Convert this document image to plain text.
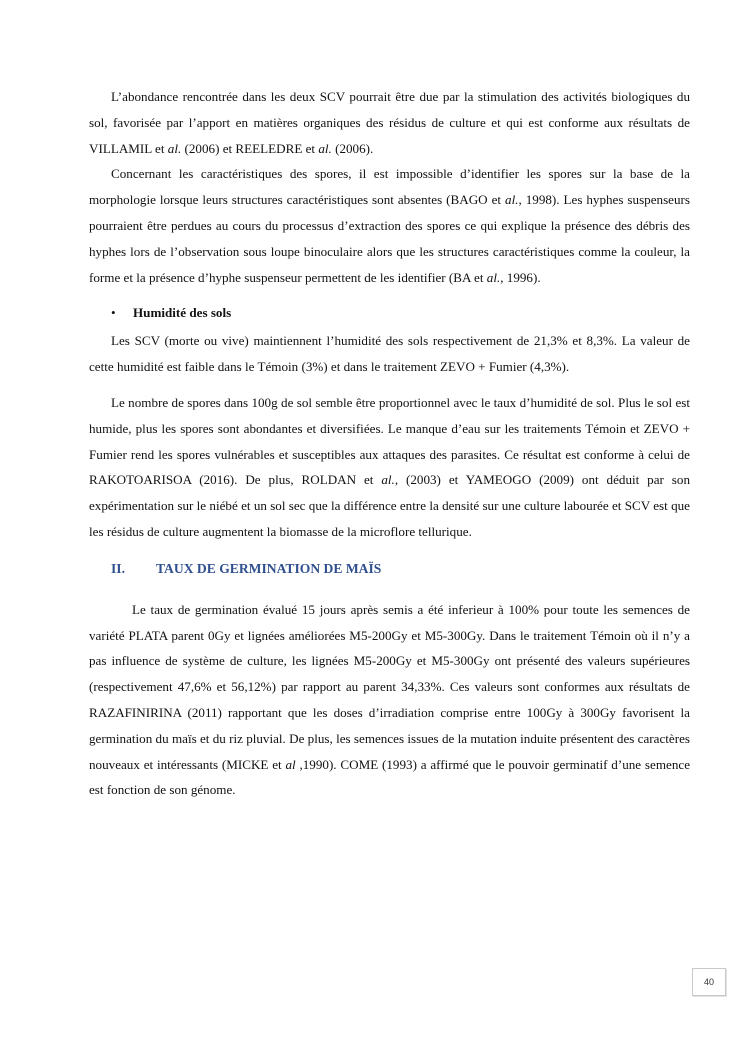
L’abondance rencontrée dans les deux SCV pourrait être due par la stimulation des activités biologiques du sol, favorisée par l’apport en matières organiques des résidus de culture et qui est conforme aux résultats de VILLAMIL et al. (2006) et REELEDRE et al. (2006).

Concernant les caractéristiques des spores, il est impossible d’identifier les spores sur la base de la morphologie lorsque leurs structures caractéristiques sont absentes (BAGO et al., 1998). Les hyphes suspenseurs pourraient être perdues au cours du processus d’extraction des spores ce qui explique la présence des débris des hyphes lors de l’observation sous loupe binoculaire alors que les structures caractéristiques comme la couleur, la forme et la présence d’hyphe suspenseur permettent de les identifier (BA et al., 1996).

• Humidité des sols

Les SCV (morte ou vive) maintiennent l’humidité des sols respectivement de 21,3% et 8,3%. La valeur de cette humidité est faible dans le Témoin (3%) et dans le traitement ZEVO + Fumier (4,3%).

Le nombre de spores dans 100g de sol semble être proportionnel avec le taux d’humidité de sol. Plus le sol est humide, plus les spores sont abondantes et diversifiées. Le manque d’eau sur les traitements Témoin et ZEVO + Fumier rend les spores vulnérables et susceptibles aux attaques des parasites. Ce résultat est conforme à celui de RAKOTOARISOA (2016). De plus, ROLDAN et al., (2003) et YAMEOGO (2009) ont déduit par son expérimentation sur le niébé et un sol sec que la différence entre la densité sur une culture labourée et SCV est que les résidus de culture augmentent la biomasse de la microflore tellurique.

II. TAUX DE GERMINATION DE MAÏS

Le taux de germination évalué 15 jours après semis a été inferieur à 100% pour toute les semences de variété PLATA parent 0Gy et lignées améliorées M5-200Gy et M5-300Gy. Dans le traitement Témoin où il n’y a pas influence de système de culture, les lignées M5-200Gy et M5-300Gy ont présenté des valeurs supérieures (respectivement 47,6% et 56,12%) par rapport au parent 34,33%. Ces valeurs sont conformes aux résultats de RAZAFINIRINA (2011) rapportant que les doses d’irradiation comprise entre 100Gy à 300Gy favorisent la germination du maïs et du riz pluvial. De plus, les semences issues de la mutation induite présentent des caractères nouveaux et intéressants (MICKE et al ,1990). COME (1993) a affirmé que le pouvoir germinatif d’une semence est fonction de son génome.

40
